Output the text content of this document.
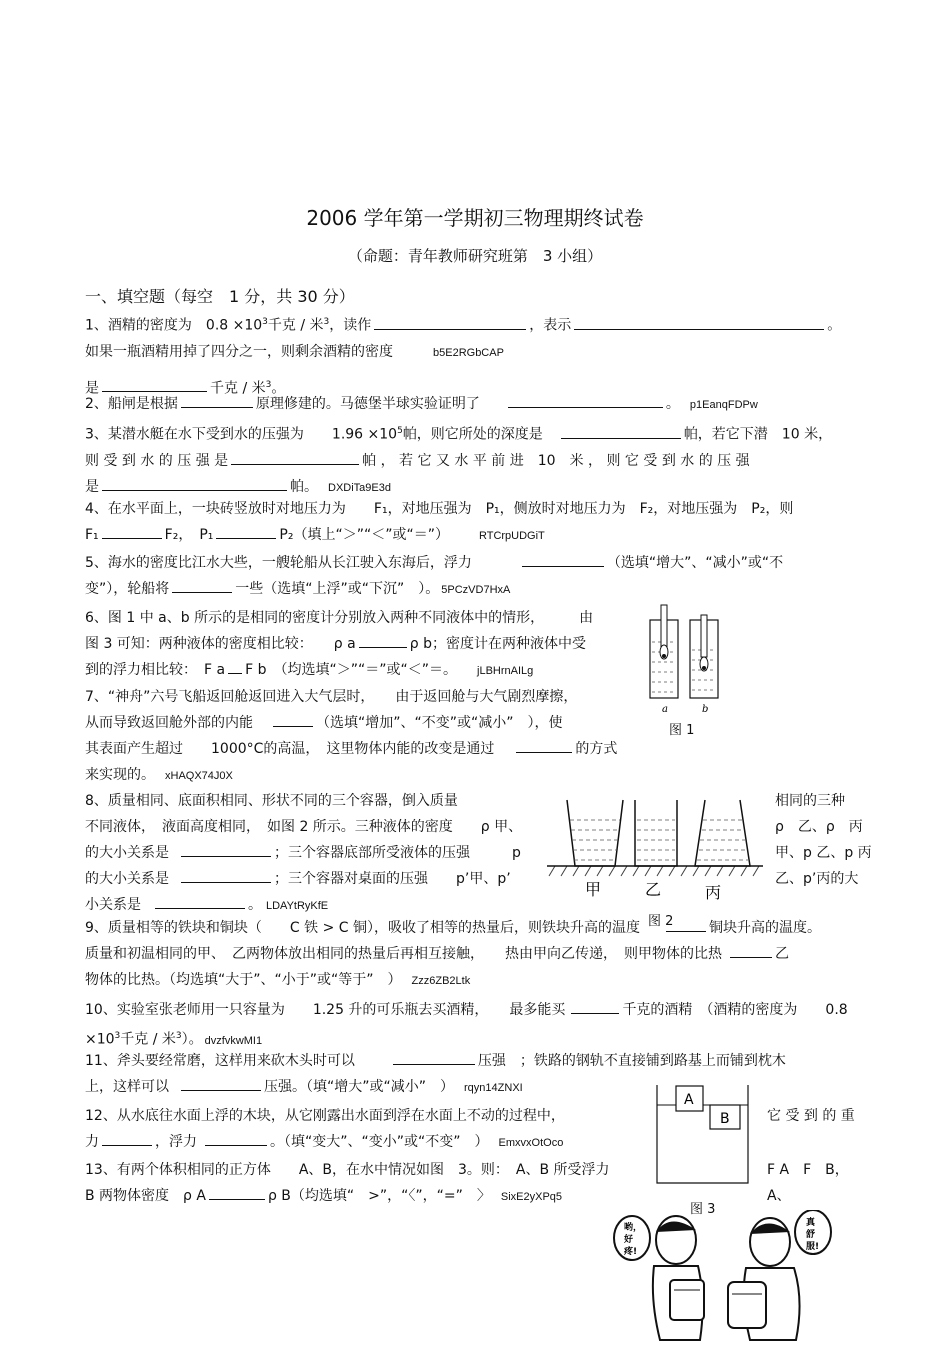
2006 学年第一学期初三物理期终试卷
（命题：青年教师研究班第　3 小组）
一、填空题（每空　1 分，共 30 分）
1、酒精的密度为　$0.8 \times 10^3$千克 / 米$^3$，读作	，表示	。
如果一瓶酒精用掉了四分之一，则剩余酒精的密度	b5E2RGbCAP
是	千克 / 米$^3$。
2、船闸是根据	原理修建的。马德堡半球实验证明了	。 p1EanqFDPw
3、某潜水艇在水下受到水的压强为　　$1.96 \times 10^5$帕，则它所处的深度是	帕，若它下潜　10 米，
则 受 到 水 的 压 强 是	帕 ， 若 它 又 水 平 前 进　10　米 ， 则 它 受 到 水 的 压 强
是	帕。 DXDiTa9E3d
4、在水平面上，一块砖竖放时对地压力为　　F₁，对地压强为　P₁，侧放时对地压力为　F₂，对地压强为　P₂，则
F₁	F₂，　P₁	P₂（填上“＞”“＜”或“＝”）	RTCrpUDGiT
5、海水的密度比江水大些，一艘轮船从长江驶入东海后，浮力	（选填“增大”、“减小”或“不
变”），轮船将	一些（选填“上浮”或“下沉”　）。 5PCzVD7HxA
6、图 1 中 a、b 所示的是相同的密度计分别放入两种不同液体中的情形，　　　由
图 3 可知：两种液体的密度相比较：　　ρ a	ρ b；密度计在两种液体中受
到的浮力相比较：　F a F b　（均选填“＞”“＝”或“＜”＝。 jLBHrnAILg
7、“神舟”六号飞船返回舱返回进入大气层时，　　由于返回舱与大气剧烈摩擦，
从而导致返回舱外部的内能	（选填“增加”、“不变”或“减小”　），使
其表面产生超过　　1000°C的高温，　这里物体内能的改变是通过	的方式
来实现的。 xHAQX74J0X
a	b
图 1
8、质量相同、底面积相同、形状不同的三个容器，倒入质量
不同液体，　液面高度相同，　如图 2 所示。三种液体的密度　　ρ 甲、
的大小关系是	；三个容器底部所受液体的压强　　　p
的大小关系是	；三个容器对桌面的压强　　p’甲、p’
小关系是	。 LDAYtRyKfE
相同的三种
ρ　乙、ρ　丙
甲、p 乙、p 丙
乙、p’丙的大
甲	乙	丙
图 2
9、质量相等的铁块和铜块（　　C 铁 > C 铜），吸收了相等的热量后，则铁块升高的温度	铜块升高的温度。
质量和初温相同的甲、　乙两物体放出相同的热量后再相互接触，　　热由甲向乙传递，　则甲物体的比热	乙
物体的比热。（均选填“大于”、“小于”或“等于”　） Zzz6ZB2Ltk
10、实验室张老师用一只容量为　　1.25 升的可乐瓶去买酒精，　　最多能买	千克的酒精　（酒精的密度为　　0.8
$\times 10^3$千克 / 米$^3$）。 dvzfvkwMI1
11、斧头要经常磨，这样用来砍木头时可以	压强　；铁路的钢轨不直接铺到路基上而铺到枕木
上，这样可以	压强。（填“增大”或“减小”　） rqyn14ZNXI
12、从水底往水面上浮的木块，从它刚露出水面到浮在水面上不动的过程中，
力	，浮力	。（填“变大”、“变小”或“不变”　） EmxvxOtOco
它 受 到 的 重
A
B
13、有两个体积相同的正方体　　A、B，在水中情况如图　3。则：　A、B 所受浮力
B 两物体密度　ρ A	ρ B（均选填“　>”，“〈”，“=”　〉 SixE2yXPq5
F A　F　B，A、
图 3
哟，
好
疼!
真
舒
服!
